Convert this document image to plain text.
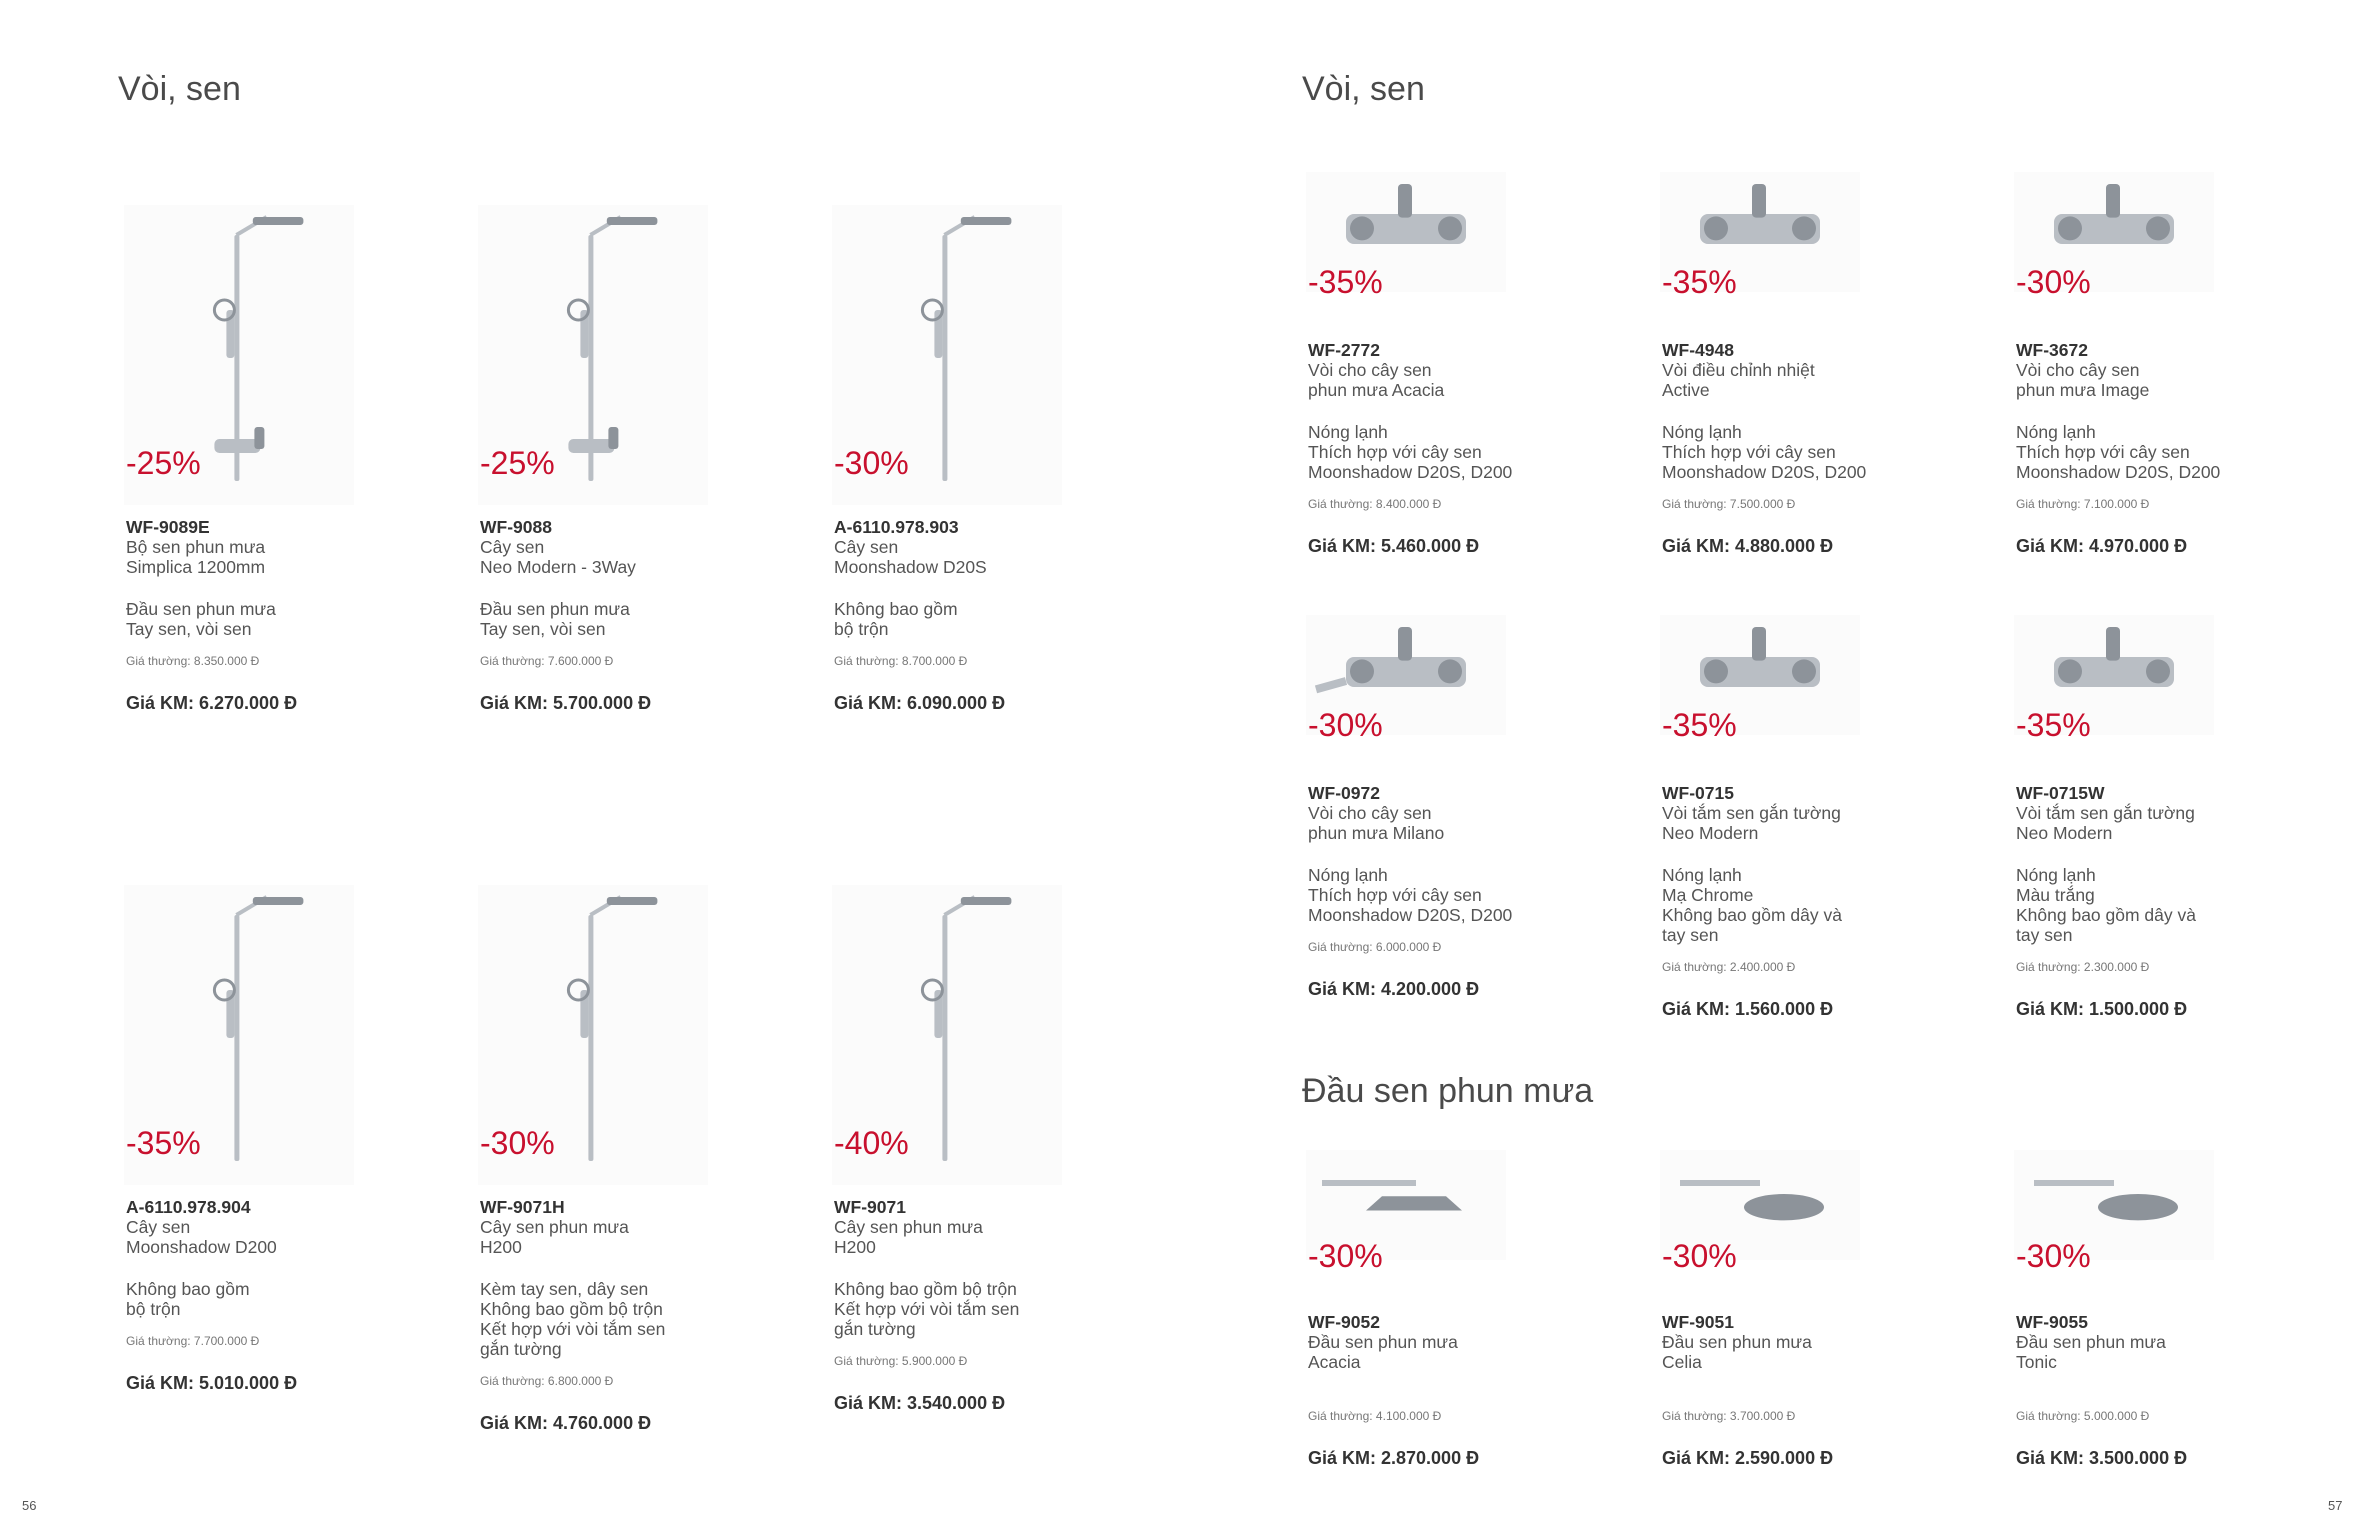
Vòi, sen	Vòi, sen
Đầu sen phun mưa
-25%
WF-9089E
Bộ sen phun mưa
Simplica 1200mm
Đầu sen phun mưa
Tay sen, vòi sen
Giá thường: 8.350.000 Đ
Giá KM: 6.270.000 Đ
-25%
WF-9088
Cây sen
Neo Modern - 3Way
Đầu sen phun mưa
Tay sen, vòi sen
Giá thường: 7.600.000 Đ
Giá KM: 5.700.000 Đ
-30%
A-6110.978.903
Cây sen
Moonshadow D20S
Không bao gồm
bộ trộn
Giá thường: 8.700.000 Đ
Giá KM: 6.090.000 Đ
-35%
A-6110.978.904
Cây sen
Moonshadow D200
Không bao gồm
bộ trộn
Giá thường: 7.700.000 Đ
Giá KM: 5.010.000 Đ
-30%
WF-9071H
Cây sen phun mưa
H200
Kèm tay sen, dây sen
Không bao gồm bộ trộn
Kết hợp với vòi tắm sen
gắn tường
Giá thường: 6.800.000 Đ
Giá KM: 4.760.000 Đ
-40%
WF-9071
Cây sen phun mưa
H200
Không bao gồm bộ trộn
Kết hợp với vòi tắm sen
gắn tường
Giá thường: 5.900.000 Đ
Giá KM: 3.540.000 Đ
-35%
WF-2772
Vòi cho cây sen
phun mưa Acacia
Nóng lạnh
Thích hợp với cây sen
Moonshadow D20S, D200
Giá thường: 8.400.000 Đ
Giá KM: 5.460.000 Đ
-35%
WF-4948
Vòi điều chỉnh nhiệt
Active
Nóng lạnh
Thích hợp với cây sen
Moonshadow D20S, D200
Giá thường: 7.500.000 Đ
Giá KM: 4.880.000 Đ
-30%
WF-3672
Vòi cho cây sen
phun mưa Image
Nóng lạnh
Thích hợp với cây sen
Moonshadow D20S, D200
Giá thường: 7.100.000 Đ
Giá KM: 4.970.000 Đ
-30%
WF-0972
Vòi cho cây sen
phun mưa Milano
Nóng lạnh
Thích hợp với cây sen
Moonshadow D20S, D200
Giá thường: 6.000.000 Đ
Giá KM: 4.200.000 Đ
-35%
WF-0715
Vòi tắm sen gắn tường
Neo Modern
Nóng lạnh
Mạ Chrome
Không bao gồm dây và
tay sen
Giá thường: 2.400.000 Đ
Giá KM: 1.560.000 Đ
-35%
WF-0715W
Vòi tắm sen gắn tường
Neo Modern
Nóng lạnh
Màu trắng
Không bao gồm dây và
tay sen
Giá thường: 2.300.000 Đ
Giá KM: 1.500.000 Đ
-30%
WF-9052
Đầu sen phun mưa
Acacia
Giá thường: 4.100.000 Đ
Giá KM: 2.870.000 Đ
-30%
WF-9051
Đầu sen phun mưa
Celia
Giá thường: 3.700.000 Đ
Giá KM: 2.590.000 Đ
-30%
WF-9055
Đầu sen phun mưa
Tonic
Giá thường: 5.000.000 Đ
Giá KM: 3.500.000 Đ
56	57
